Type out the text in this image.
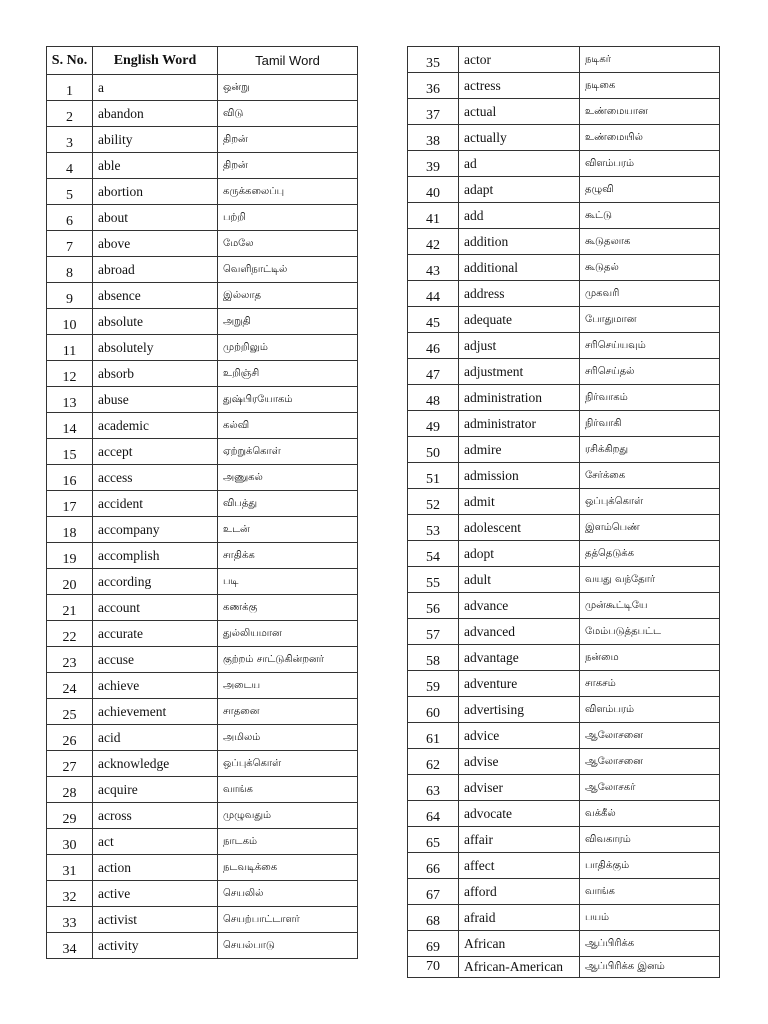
S. No.	English Word	Tamil Word
1	a	ஒன்று
2	abandon	விடு
3	ability	திறன்
4	able	திறன்
5	abortion	கருக்கலைப்பு
6	about	பற்றி
7	above	மேலே
8	abroad	வெளிநாட்டில்
9	absence	இல்லாத
10	absolute	அறுதி
11	absolutely	முற்றிலும்
12	absorb	உறிஞ்சி
13	abuse	துஷ்பிரயோகம்
14	academic	கல்வி
15	accept	ஏற்றுக்கொள்
16	access	அணுகல்
17	accident	விபத்து
18	accompany	உடன்
19	accomplish	சாதிக்க
20	according	படி
21	account	கணக்கு
22	accurate	துல்லியமான
23	accuse	குற்றம் சாட்டுகின்றனர்
24	achieve	அடைய
25	achievement	சாதனை
26	acid	அமிலம்
27	acknowledge	ஒப்புக்கொள்
28	acquire	வாங்க
29	across	முழுவதும்
30	act	நாடகம்
31	action	நடவடிக்கை
32	active	செயலில்
33	activist	செயற்பாட்டாளர்
34	activity	செயல்பாடு
35	actor	நடிகர்
36	actress	நடிகை
37	actual	உண்மையான
38	actually	உண்மையில்
39	ad	விளம்பரம்
40	adapt	தழுவி
41	add	கூட்டு
42	addition	கூடுதலாக
43	additional	கூடுதல்
44	address	முகவரி
45	adequate	போதுமான
46	adjust	சரிசெய்யவும்
47	adjustment	சரிசெய்தல்
48	administration	நிர்வாகம்
49	administrator	நிர்வாகி
50	admire	ரசிக்கிறது
51	admission	சேர்க்கை
52	admit	ஒப்புக்கொள்
53	adolescent	இளம்பெண்
54	adopt	தத்தெடுக்க
55	adult	வயது வந்தோர்
56	advance	முன்கூட்டியே
57	advanced	மேம்படுத்தபட்ட
58	advantage	நன்மை
59	adventure	சாகசம்
60	advertising	விளம்பரம்
61	advice	ஆலோசனை
62	advise	ஆலோசனை
63	adviser	ஆலோசகர்
64	advocate	வக்கீல்
65	affair	விவகாரம்
66	affect	பாதிக்கும்
67	afford	வாங்க
68	afraid	பயம்
69	African	ஆப்பிரிக்க
70	African-American	ஆப்பிரிக்க இனம்
